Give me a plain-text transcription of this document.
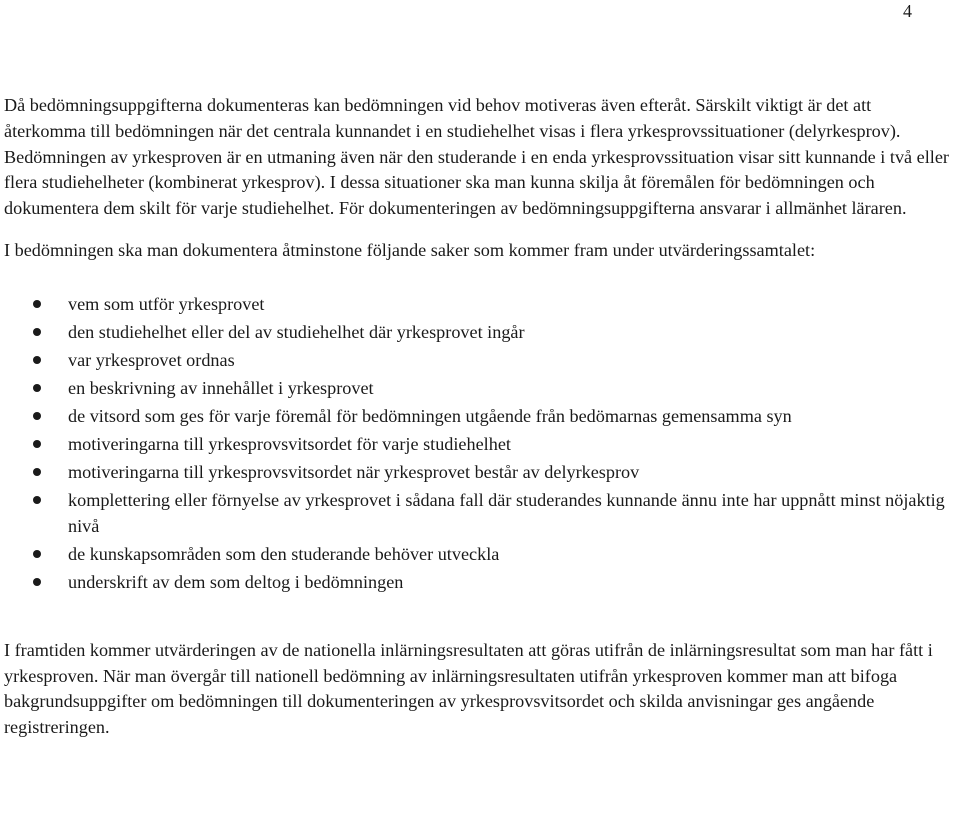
4

Då bedömningsuppgifterna dokumenteras kan bedömningen vid behov motiveras även efteråt. Särskilt viktigt är det att återkomma till bedömningen när det centrala kunnandet i en studiehelhet visas i flera yrkesprovssituationer (delyrkesprov). Bedömningen av yrkesproven är en utmaning även när den studerande i en enda yrkesprovssituation visar sitt kunnande i två eller flera studiehelheter (kombinerat yrkesprov). I dessa situationer ska man kunna skilja åt föremålen för bedömningen och dokumentera dem skilt för varje studiehelhet. För dokumenteringen av bedömningsuppgifterna ansvarar i allmänhet läraren.

I bedömningen ska man dokumentera åtminstone följande saker som kommer fram under utvärderingssamtalet:

vem som utför yrkesprovet
den studiehelhet eller del av studiehelhet där yrkesprovet ingår
var yrkesprovet ordnas
en beskrivning av innehållet i yrkesprovet
de vitsord som ges för varje föremål för bedömningen utgående från bedömarnas gemensamma syn
motiveringarna till yrkesprovsvitsordet för varje studiehelhet
motiveringarna till yrkesprovsvitsordet när yrkesprovet består av delyrkesprov
komplettering eller förnyelse av yrkesprovet i sådana fall där studerandes kunnande ännu inte har uppnått minst nöjaktig nivå
de kunskapsområden som den studerande behöver utveckla
underskrift av dem som deltog i bedömningen

I framtiden kommer utvärderingen av de nationella inlärningsresultaten att göras utifrån de inlärningsresultat som man har fått i yrkesproven. När man övergår till nationell bedömning av inlärningsresultaten utifrån yrkesproven kommer man att bifoga bakgrundsuppgifter om bedömningen till dokumenteringen av yrkesprovsvitsordet och skilda anvisningar ges angående registreringen.
